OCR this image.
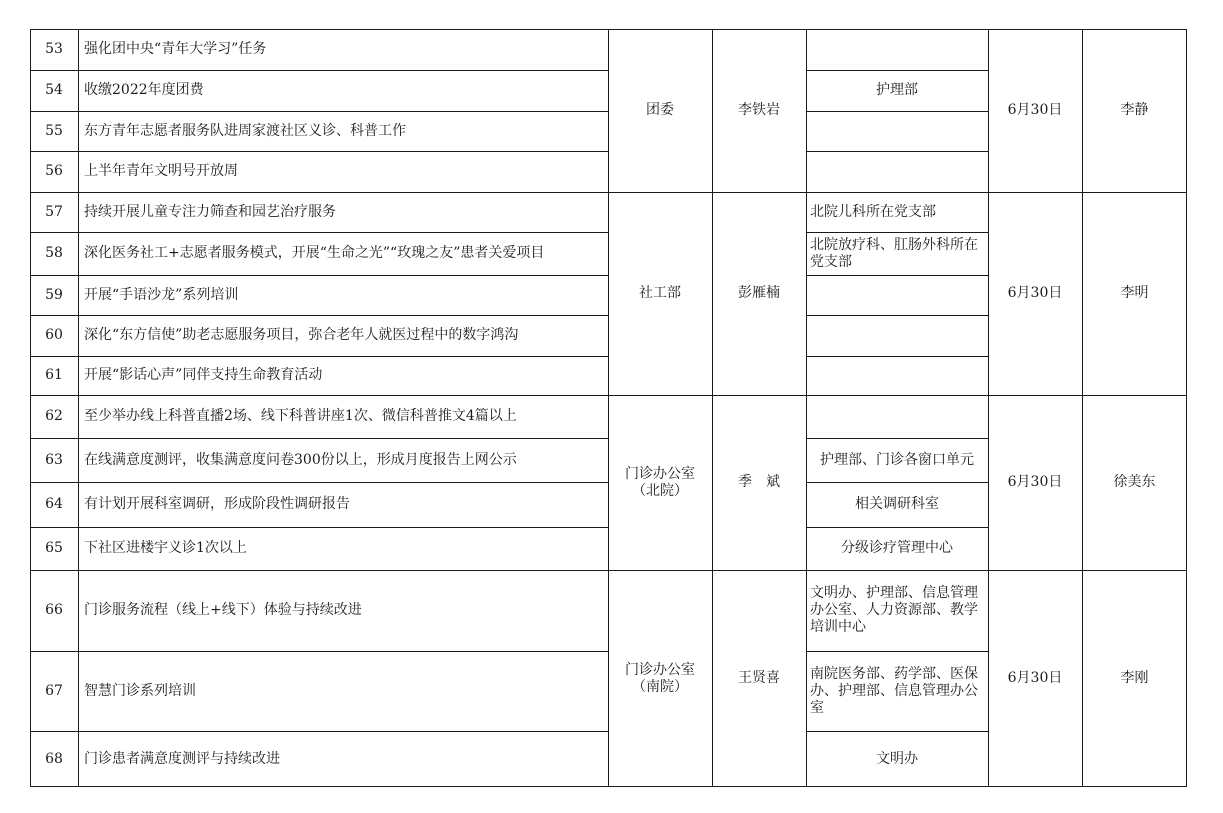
53
54
55
56
57
58
59
60
61
62
63
64
65
66
67
68
强化团中央“青年大学习”任务
收缴2022年度团费
东方青年志愿者服务队进周家渡社区义诊、科普工作
上半年青年文明号开放周
持续开展儿童专注力筛查和园艺治疗服务
深化医务社工+志愿者服务模式，开展“生命之光”“玫瑰之友”患者关爱项目
开展“手语沙龙”系列培训
深化“东方信使”助老志愿服务项目，弥合老年人就医过程中的数字鸿沟
开展“影话心声”同伴支持生命教育活动
至少举办线上科普直播2场、线下科普讲座1次、微信科普推文4篇以上
在线满意度测评，收集满意度问卷300份以上，形成月度报告上网公示
有计划开展科室调研，形成阶段性调研报告
下社区进楼宇义诊1次以上
门诊服务流程（线上+线下）体验与持续改进
智慧门诊系列培训
门诊患者满意度测评与持续改进
团委
社工部
门诊办公室（北院）
门诊办公室（南院）
李铁岩
彭雁楠
季　斌
王贤喜
护理部
北院儿科所在党支部
北院放疗科、肛肠外科所在党支部
护理部、门诊各窗口单元
相关调研科室
分级诊疗管理中心
文明办、护理部、信息管理办公室、人力资源部、教学培训中心
南院医务部、药学部、医保办、护理部、信息管理办公室
文明办
6月30日
6月30日
6月30日
6月30日
李静
李明
徐美东
李刚
